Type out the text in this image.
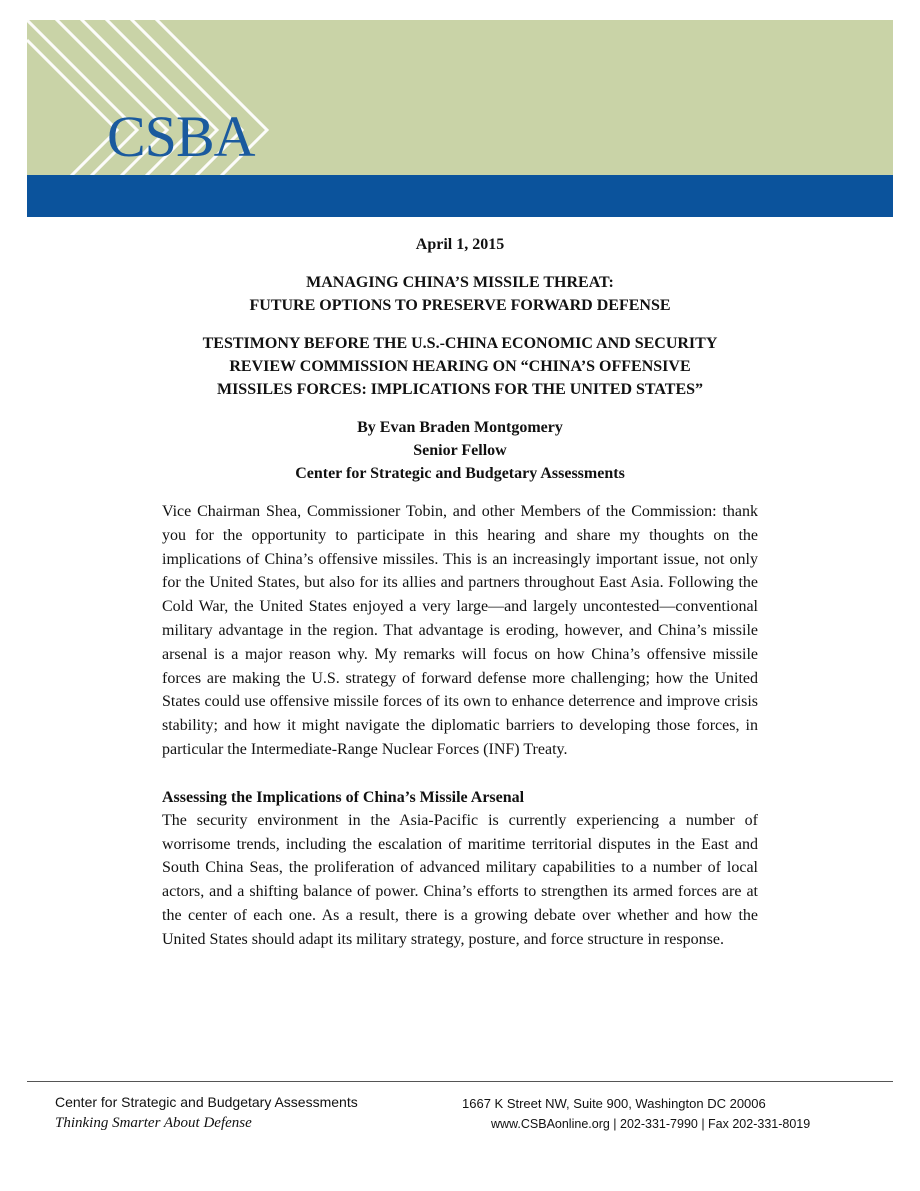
CSBA
April 1, 2015
MANAGING CHINA’S MISSILE THREAT:
FUTURE OPTIONS TO PRESERVE FORWARD DEFENSE
TESTIMONY BEFORE THE U.S.-CHINA ECONOMIC AND SECURITY
REVIEW COMMISSION HEARING ON “CHINA’S OFFENSIVE
MISSILES FORCES: IMPLICATIONS FOR THE UNITED STATES”
By Evan Braden Montgomery
Senior Fellow
Center for Strategic and Budgetary Assessments

Vice Chairman Shea, Commissioner Tobin, and other Members of the Commission: thank you for the opportunity to participate in this hearing and share my thoughts on the implications of China’s offensive missiles. This is an increasingly important issue, not only for the United States, but also for its allies and partners throughout East Asia. Following the Cold War, the United States enjoyed a very large—and largely uncontested—conventional military advantage in the region. That advantage is eroding, however, and China’s missile arsenal is a major reason why. My remarks will focus on how China’s offensive missile forces are making the U.S. strategy of forward defense more challenging; how the United States could use offensive missile forces of its own to enhance deterrence and improve crisis stability; and how it might navigate the diplomatic barriers to developing those forces, in particular the Intermediate-Range Nuclear Forces (INF) Treaty.

Assessing the Implications of China’s Missile Arsenal

The security environment in the Asia-Pacific is currently experiencing a number of worrisome trends, including the escalation of maritime territorial disputes in the East and South China Seas, the proliferation of advanced military capabilities to a number of local actors, and a shifting balance of power. China’s efforts to strengthen its armed forces are at the center of each one. As a result, there is a growing debate over whether and how the United States should adapt its military strategy, posture, and force structure in response.

Center for Strategic and Budgetary Assessments
Thinking Smarter About Defense
1667 K Street NW, Suite 900, Washington DC 20006
www.CSBAonline.org | 202-331-7990 | Fax 202-331-8019
